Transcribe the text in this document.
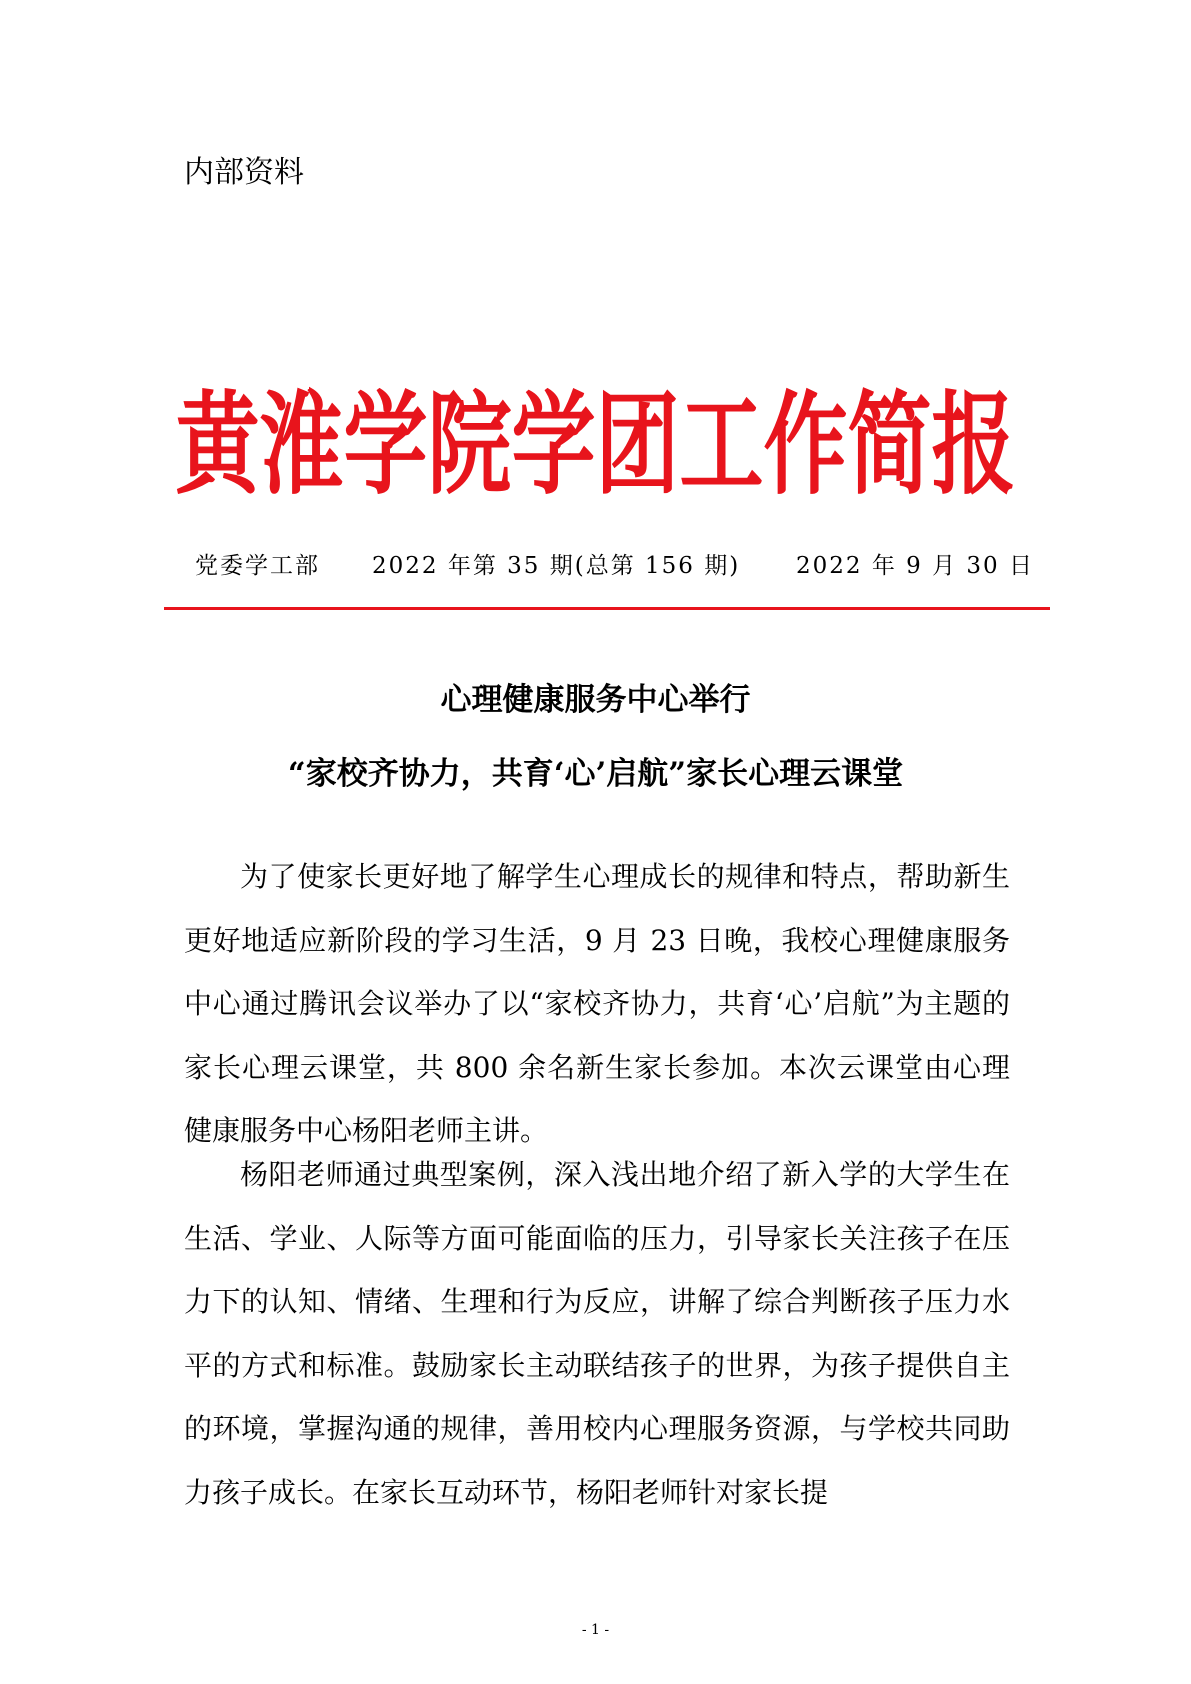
内部资料
黄淮学院学团工作简报
党委学工部 2022 年第 35 期(总第 156 期) 2022 年 9 月 30 日
心理健康服务中心举行
“家校齐协力，共育‘心’启航”家长心理云课堂

为了使家长更好地了解学生心理成长的规律和特点，帮助新生更好地适应新阶段的学习生活，9 月 23 日晚，我校心理健康服务中心通过腾讯会议举办了以“家校齐协力，共育‘心’启航”为主题的家长心理云课堂，共 800 余名新生家长参加。本次云课堂由心理健康服务中心杨阳老师主讲。

杨阳老师通过典型案例，深入浅出地介绍了新入学的大学生在生活、学业、人际等方面可能面临的压力，引导家长关注孩子在压力下的认知、情绪、生理和行为反应，讲解了综合判断孩子压力水平的方式和标准。鼓励家长主动联结孩子的世界，为孩子提供自主的环境，掌握沟通的规律，善用校内心理服务资源，与学校共同助力孩子成长。在家长互动环节，杨阳老师针对家长提

- 1 -
